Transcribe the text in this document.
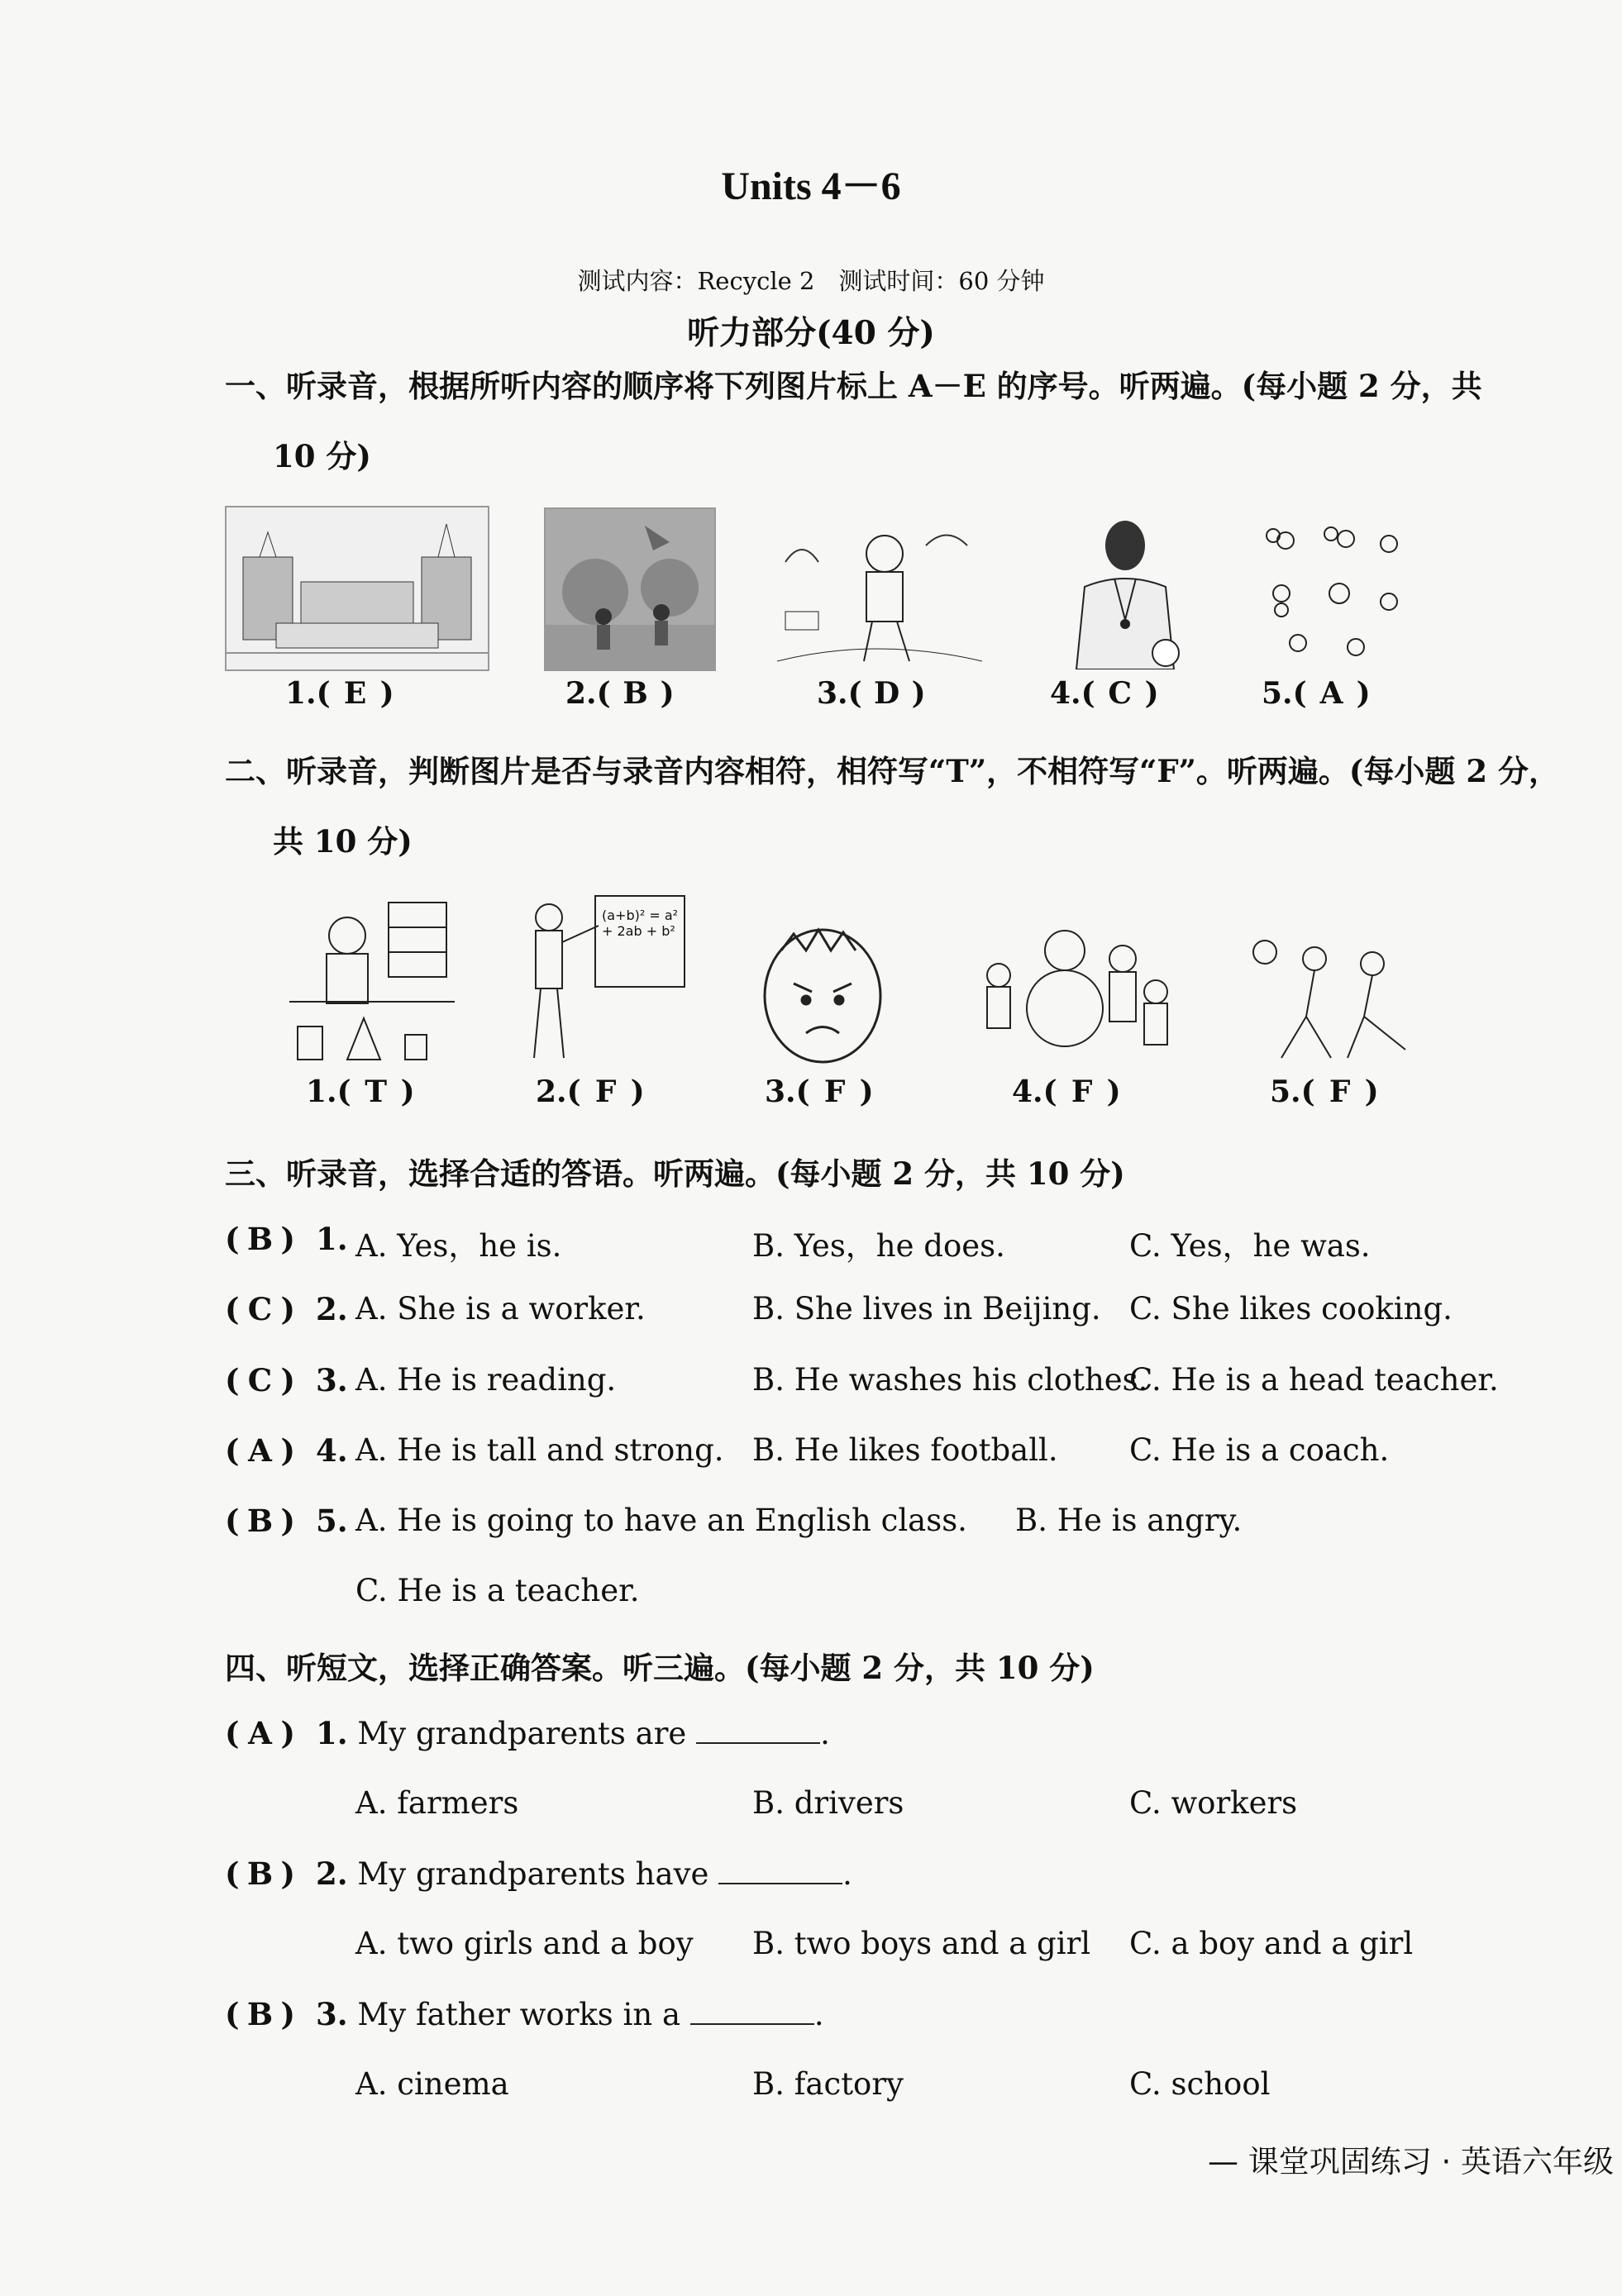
Units 4－6
测试内容：Recycle 2　测试时间：60 分钟
听力部分(40 分)
一、听录音，根据所听内容的顺序将下列图片标上 A－E 的序号。听两遍。(每小题 2 分，共
10 分)
1.( E )	2.( B )	3.( D )	4.( C )	5.( A )
二、听录音，判断图片是否与录音内容相符，相符写“T”，不相符写“F”。听两遍。(每小题 2 分，
共 10 分)
1.( T )
(a+b)² = a² + 2ab + b²
2.( F )	3.( F )	4.( F )	5.( F )
三、听录音，选择合适的答语。听两遍。(每小题 2 分，共 10 分)
( B ) 1. A. Yes，he is.	B. Yes，he does.	C. Yes，he was.
( C ) 2. A. She is a worker.	B. She lives in Beijing. C. She likes cooking.
( C ) 3. A. He is reading.	B. He washes his clothes.
C. He is a head teacher.
( A ) 4. A. He is tall and strong. B. He likes football. C. He is a coach.
( B ) 5. A. He is going to have an English class. B. He is angry.
C. He is a teacher.
四、听短文，选择正确答案。听三遍。(每小题 2 分，共 10 分)
( A ) 1. My grandparents are	.
A. farmers	B. drivers	C. workers
( B ) 2. My grandparents have	.
A. two girls and a boy B. two boys and a girl C. a boy and a girl
( B ) 3. My father works in a	.
A. cinema	B. factory	C. school
— 课堂巩固练习 · 英语六年级
